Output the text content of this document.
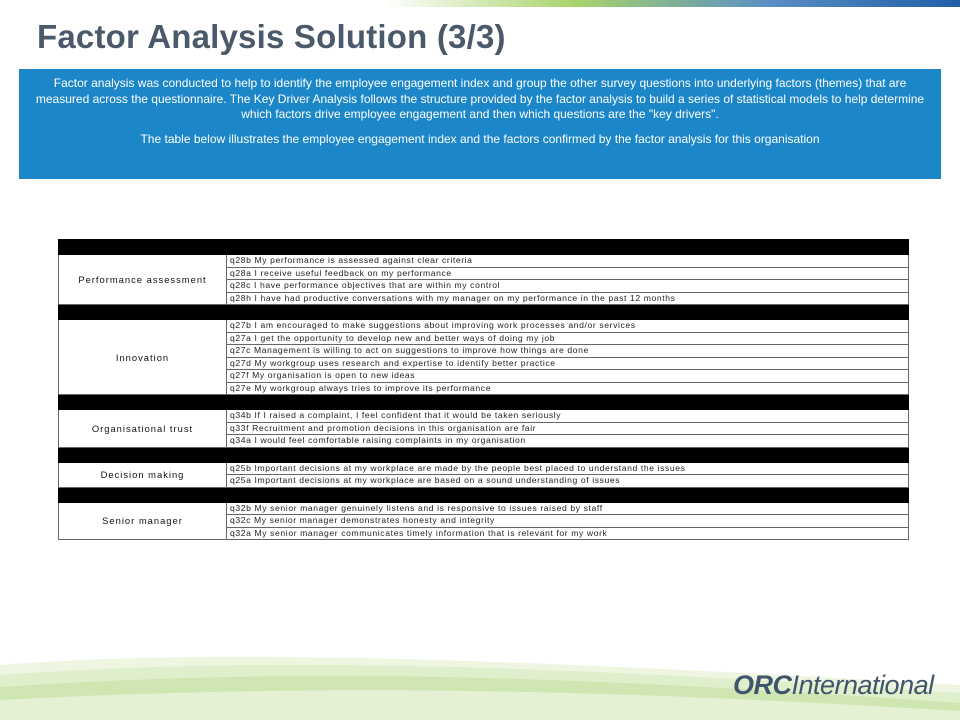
Factor Analysis Solution (3/3)

Factor analysis was conducted to help to identify the employee engagement index and group the other survey questions into underlying factors (themes) that are measured across the questionnaire. The Key Driver Analysis follows the structure provided by the factor analysis to build a series of statistical models to help determine which factors drive employee engagement and then which questions are the "key drivers".

The table below illustrates the employee engagement index and the factors confirmed by the factor analysis for this organisation

Performance assessment	q28b My performance is assessed against clear criteria
	q28a I receive useful feedback on my performance
	q28c I have performance objectives that are within my control
	q28h I have had productive conversations with my manager on my performance in the past 12 months

Innovation	q27b I am encouraged to make suggestions about improving work processes and/or services
	q27a I get the opportunity to develop new and better ways of doing my job
	q27c Management is willing to act on suggestions to improve how things are done
	q27d My workgroup uses research and expertise to identify better practice
	q27f My organisation is open to new ideas
	q27e My workgroup always tries to improve its performance

Organisational trust	q34b If I raised a complaint, I feel confident that it would be taken seriously
	q33f Recruitment and promotion decisions in this organisation are fair
	q34a I would feel comfortable raising complaints in my organisation

Decision making	q25b Important decisions at my workplace are made by the people best placed to understand the issues
	q25a Important decisions at my workplace are based on a sound understanding of issues

Senior manager	q32b My senior manager genuinely listens and is responsive to issues raised by staff
	q32c My senior manager demonstrates honesty and integrity
	q32a My senior manager communicates timely information that is relevant for my work
ORCInternational
